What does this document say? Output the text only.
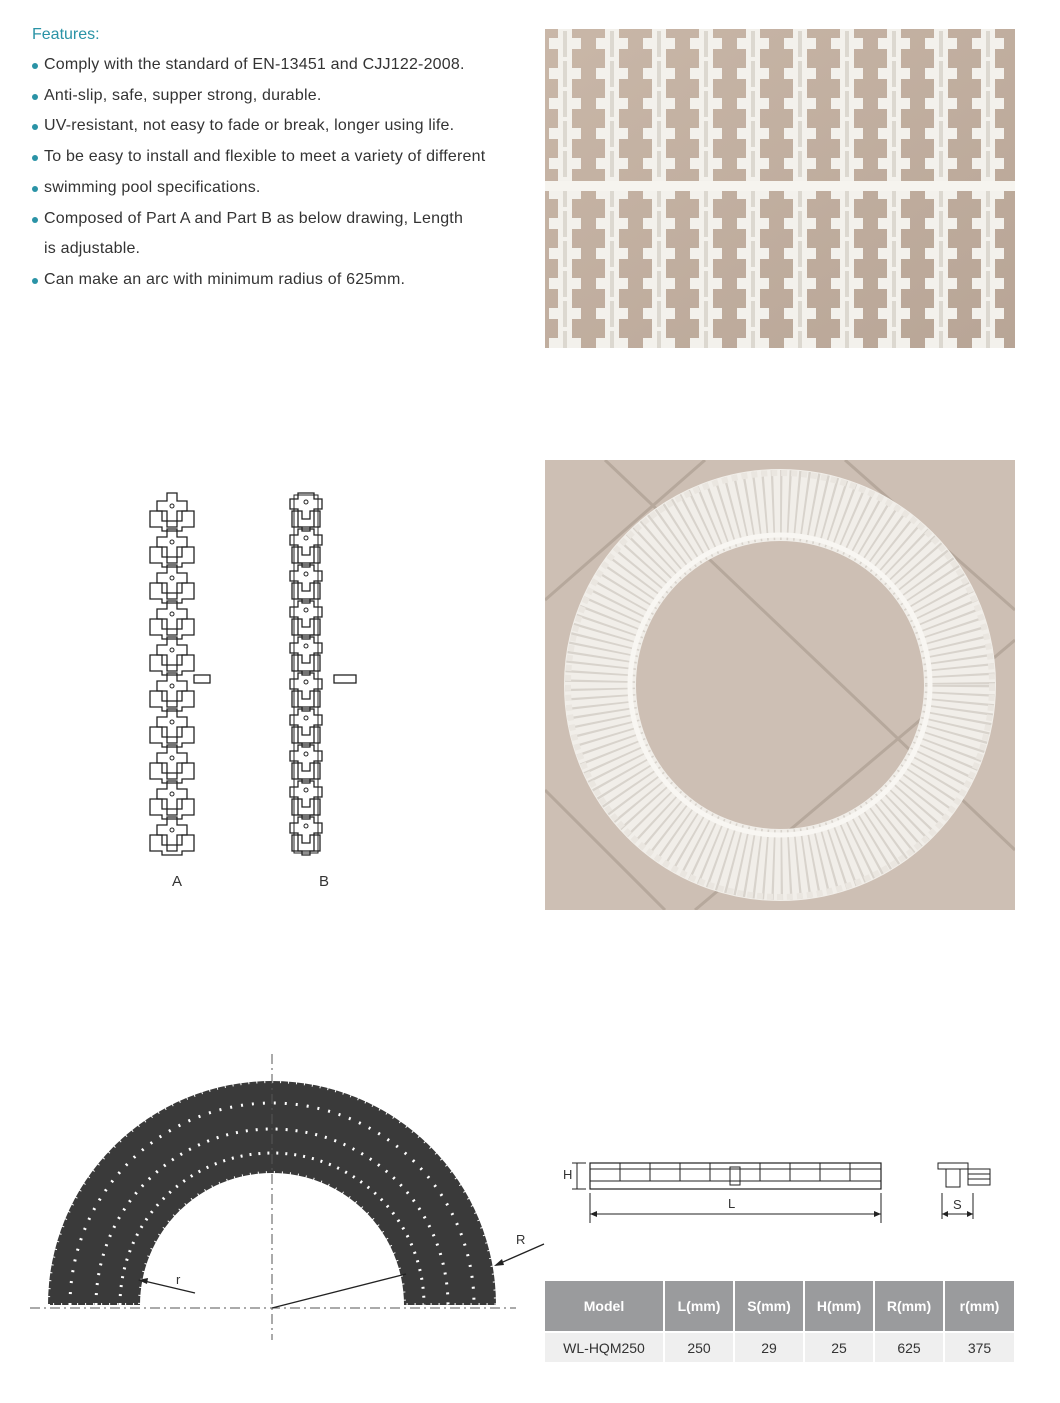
Features:
Comply with the standard of EN-13451 and CJJ122-2008.
Anti-slip, safe, supper strong, durable.
UV-resistant, not easy to fade or break, longer using life.
To be easy to install and flexible to meet a variety of different
swimming pool specifications.
Composed of Part A and Part B as below drawing, Length
is adjustable.
Can make an arc with minimum radius of 625mm.
A	B
r
R
H
L	S
Model	L(mm)	S(mm)	H(mm)	R(mm)	r(mm)
WL-HQM250	250	29	25	625	375
